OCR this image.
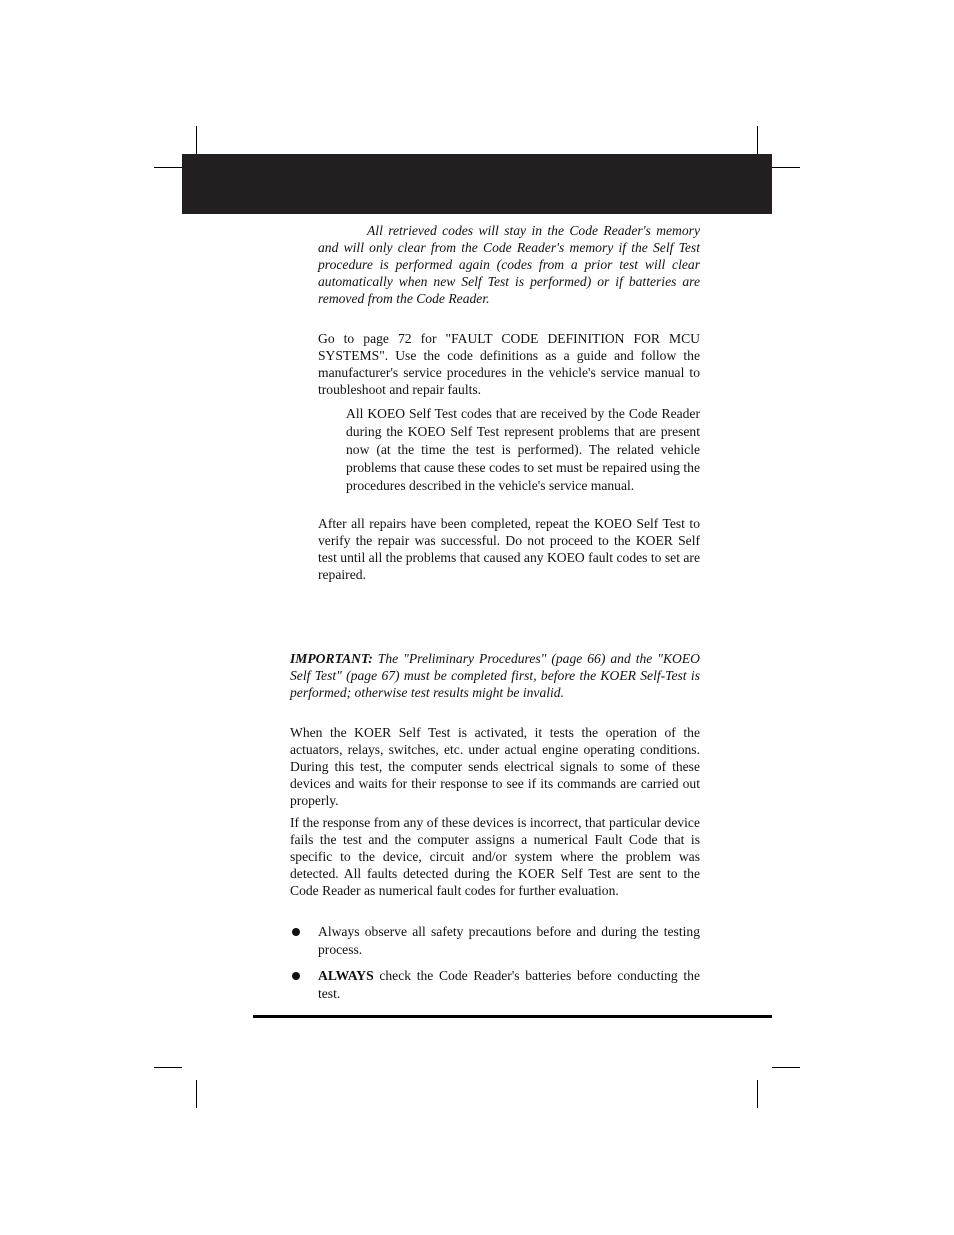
All retrieved codes will stay in the Code Reader's memory and will only clear from the Code Reader's memory if the Self Test procedure is performed again (codes from a prior test will clear automatically when new Self Test is performed) or if batteries are removed from the Code Reader.

Go to page 72 for "FAULT CODE DEFINITION FOR MCU SYSTEMS". Use the code definitions as a guide and follow the manufacturer's service procedures in the vehicle's service manual to troubleshoot and repair faults.

All KOEO Self Test codes that are received by the Code Reader during the KOEO Self Test represent problems that are present now (at the time the test is performed). The related vehicle problems that cause these codes to set must be repaired using the procedures described in the vehicle's service manual.

After all repairs have been completed, repeat the KOEO Self Test to verify the repair was successful. Do not proceed to the KOER Self test until all the problems that caused any KOEO fault codes to set are repaired.

IMPORTANT: The "Preliminary Procedures" (page 66) and the "KOEO Self Test" (page 67) must be completed first, before the KOER Self-Test is performed; otherwise test results might be invalid.

When the KOER Self Test is activated, it tests the operation of the actuators, relays, switches, etc. under actual engine operating conditions. During this test, the computer sends electrical signals to some of these devices and waits for their response to see if its commands are carried out properly.

If the response from any of these devices is incorrect, that particular device fails the test and the computer assigns a numerical Fault Code that is specific to the device, circuit and/or system where the problem was detected. All faults detected during the KOER Self Test are sent to the Code Reader as numerical fault codes for further evaluation.

Always observe all safety precautions before and during the testing process.

ALWAYS check the Code Reader's batteries before conducting the test.
